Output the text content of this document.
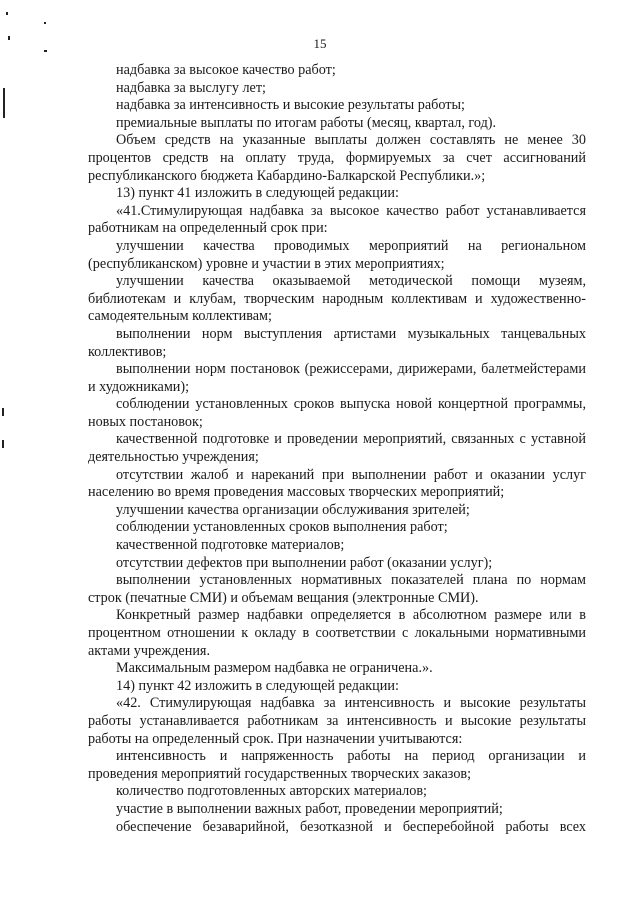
15

надбавка за высокое качество работ;

надбавка за выслугу лет;

надбавка за интенсивность и высокие результаты работы;

премиальные выплаты по итогам работы (месяц, квартал, год).

Объем средств на указанные выплаты должен составлять не менее 30 процентов средств на оплату труда, формируемых за счет ассигнований республиканского бюджета Кабардино-Балкарской Республики.»;

13) пункт 41 изложить в следующей редакции:

«41.Стимулирующая надбавка за высокое качество работ устанавливается работникам на определенный срок при:

улучшении качества проводимых мероприятий на региональном (республиканском) уровне и участии в этих мероприятиях;

улучшении качества оказываемой методической помощи музеям, библиотекам и клубам, творческим народным коллективам и художественно-самодеятельным коллективам;

выполнении норм выступления артистами музыкальных танцевальных коллективов;

выполнении норм постановок (режиссерами, дирижерами, балетмейстерами и художниками);

соблюдении установленных сроков выпуска новой концертной программы, новых постановок;

качественной подготовке и проведении мероприятий, связанных с уставной деятельностью учреждения;

отсутствии жалоб и нареканий при выполнении работ и оказании услуг населению во время проведения массовых творческих мероприятий;

улучшении качества организации обслуживания зрителей;

соблюдении установленных сроков выполнения работ;

качественной подготовке материалов;

отсутствии дефектов при выполнении работ (оказании услуг);

выполнении установленных нормативных показателей плана по нормам строк (печатные СМИ) и объемам вещания (электронные СМИ).

Конкретный размер надбавки определяется в абсолютном размере или в процентном отношении к окладу в соответствии с локальными нормативными актами учреждения.

Максимальным размером надбавка не ограничена.».

14) пункт 42 изложить в следующей редакции:

«42. Стимулирующая надбавка за интенсивность и высокие результаты работы устанавливается работникам за интенсивность и высокие результаты работы на определенный срок. При назначении учитываются:

интенсивность и напряженность работы на период организации и проведения мероприятий государственных творческих заказов;

количество подготовленных авторских материалов;

участие в выполнении важных работ, проведении мероприятий;

обеспечение безаварийной, безотказной и бесперебойной работы всех
